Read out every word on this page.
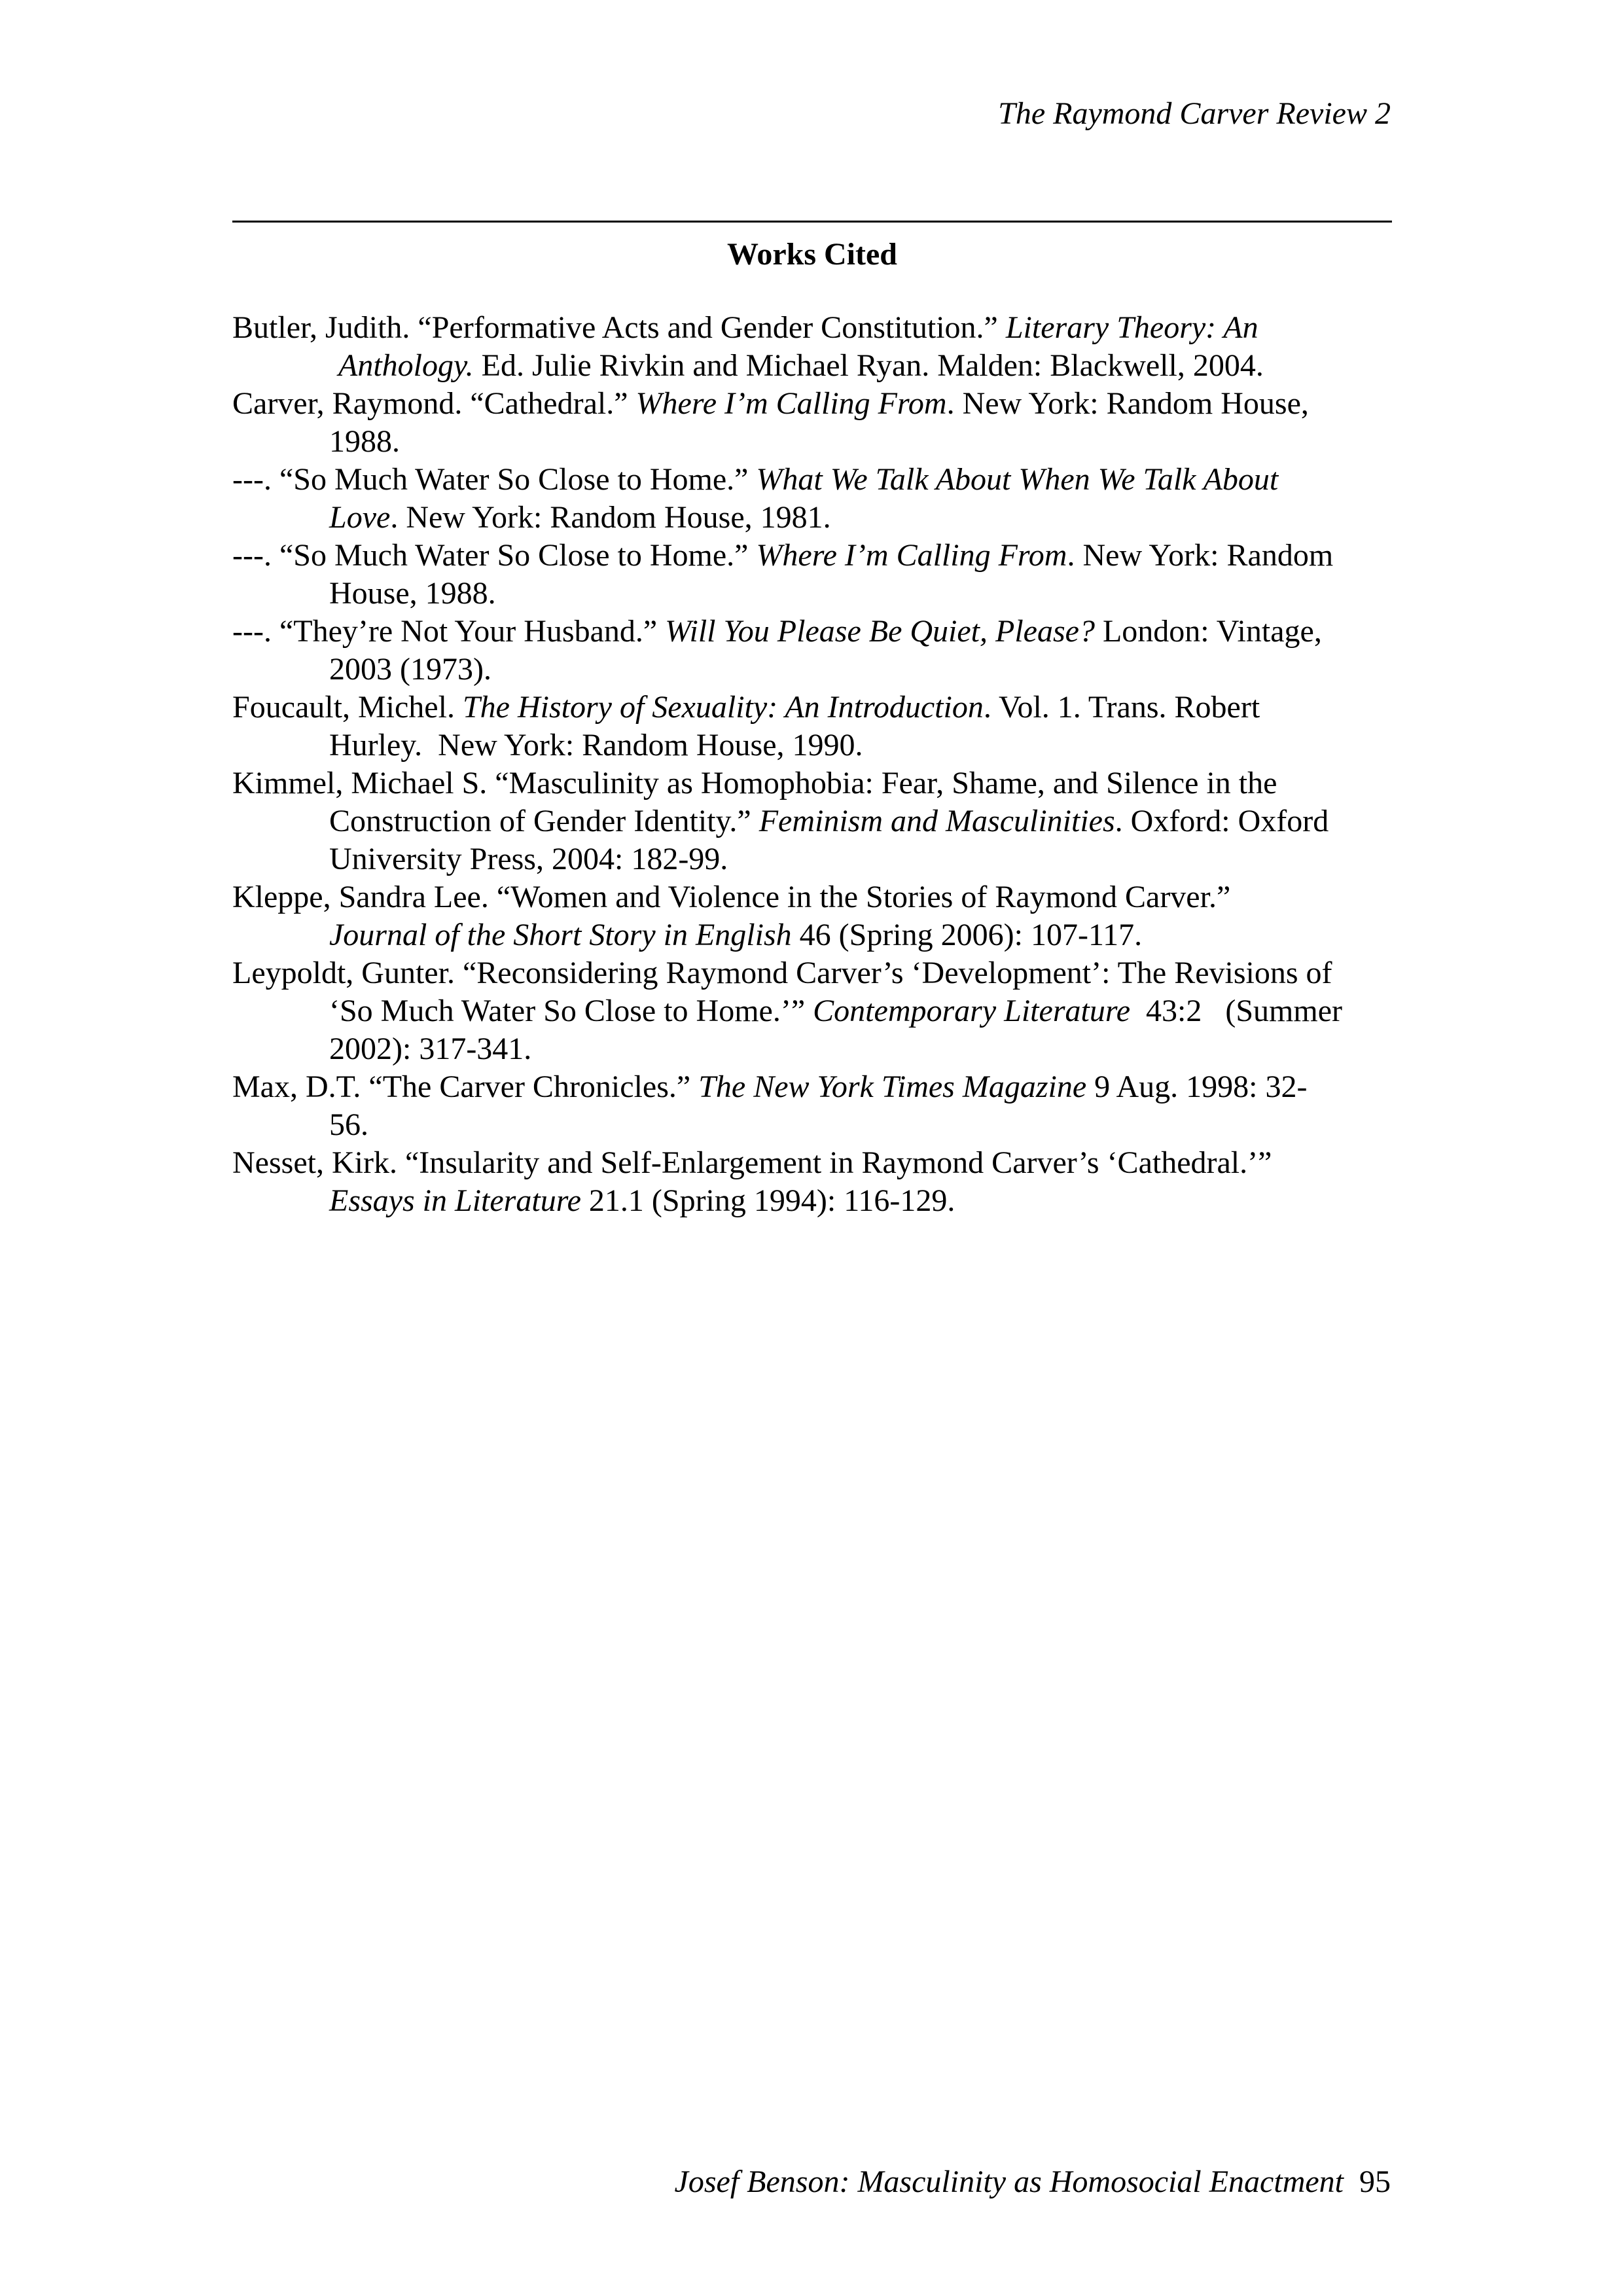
The Raymond Carver Review 2
Works Cited
Butler, Judith. “Performative Acts and Gender Constitution.” Literary Theory: An
Anthology. Ed. Julie Rivkin and Michael Ryan. Malden: Blackwell, 2004.
Carver, Raymond. “Cathedral.” Where I’m Calling From. New York: Random House,
1988.
---. “So Much Water So Close to Home.” What We Talk About When We Talk About
Love. New York: Random House, 1981.
---. “So Much Water So Close to Home.” Where I’m Calling From. New York: Random
House, 1988.
---. “They’re Not Your Husband.” Will You Please Be Quiet, Please? London: Vintage,
2003 (1973).
Foucault, Michel. The History of Sexuality: An Introduction. Vol. 1. Trans. Robert
Hurley.  New York: Random House, 1990.
Kimmel, Michael S. “Masculinity as Homophobia: Fear, Shame, and Silence in the
Construction of Gender Identity.” Feminism and Masculinities. Oxford: Oxford
University Press, 2004: 182-99.
Kleppe, Sandra Lee. “Women and Violence in the Stories of Raymond Carver.”
Journal of the Short Story in English 46 (Spring 2006): 107-117.
Leypoldt, Gunter. “Reconsidering Raymond Carver’s ‘Development’: The Revisions of
‘So Much Water So Close to Home.’” Contemporary Literature  43:2   (Summer
2002): 317-341.
Max, D.T. “The Carver Chronicles.” The New York Times Magazine 9 Aug. 1998: 32-
56.
Nesset, Kirk. “Insularity and Self-Enlargement in Raymond Carver’s ‘Cathedral.’”
Essays in Literature 21.1 (Spring 1994): 116-129.
Josef Benson: Masculinity as Homosocial Enactment 95
